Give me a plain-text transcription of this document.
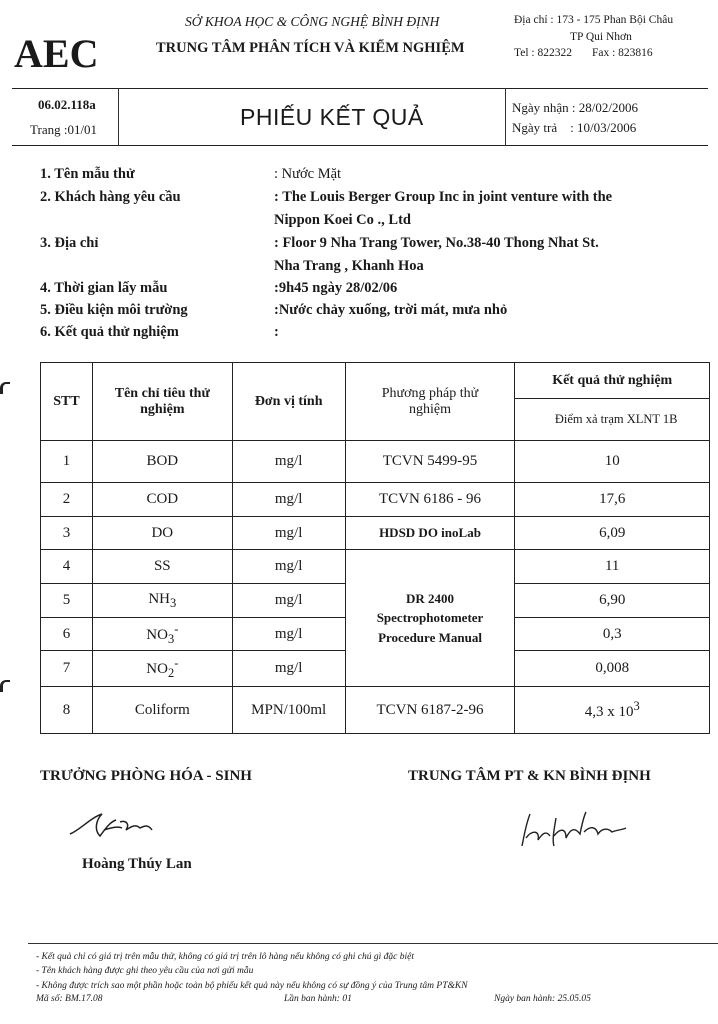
AEC
SỞ KHOA HỌC & CÔNG NGHỆ BÌNH ĐỊNH
TRUNG TÂM PHÂN TÍCH VÀ KIỂM NGHIỆM
Địa chỉ : 173 - 175 Phan Bội Châu
TP Qui Nhơn
Tel : 822322 Fax : 823816
06.02.118a
Trang :01/01	PHIẾU KẾT QUẢ	Ngày nhận : 28/02/2006
Ngày trả    : 10/03/2006
1. Tên mẫu thử	: Nước Mặt
2. Khách hàng yêu cầu	: The Louis Berger Group Inc in joint venture with the
Nippon Koei Co ., Ltd
3. Địa chỉ	: Floor 9 Nha Trang Tower, No.38-40 Thong Nhat St.
Nha Trang , Khanh Hoa
4. Thời gian lấy mẫu	:9h45 ngày 28/02/06
5. Điều kiện môi trường	:Nước chảy xuống, trời mát, mưa nhỏ
6. Kết quả thử nghiệm	:
STT	Tên chỉ tiêu thử nghiệm	Đơn vị tính	Phương pháp thử nghiệm	Kết quả thử nghiệm
				Điểm xả trạm XLNT 1B
1	BOD	mg/l	TCVN 5499-95	10
2	COD	mg/l	TCVN 6186 - 96	17,6
3	DO	mg/l	HDSD DO inoLab	6,09
4	SS	mg/l	DR 2400
Spectrophotometer
Procedure Manual	11
5	$NH_3$	mg/l		6,90
6	$NO_3^-$	mg/l		0,3
7	$NO_2^-$	mg/l		0,008
8	Coliform	MPN/100ml	TCVN 6187-2-96	4,3 x $10^3$
TRƯỞNG PHÒNG HÓA - SINH	TRUNG TÂM PT & KN BÌNH ĐỊNH
Hoàng Thúy Lan
- Kết quả chỉ có giá trị trên mẫu thử, không có giá trị trên lô hàng nếu không có ghi chú gì đặc biệt
- Tên khách hàng được ghi theo yêu cầu của nơi gửi mẫu
- Không được trích sao một phần hoặc toàn bộ phiếu kết quả này nếu không có sự đồng ý của Trung tâm PT&KN
Mã số: BM.17.08	Lần ban hành: 01	Ngày ban hành: 25.05.05
